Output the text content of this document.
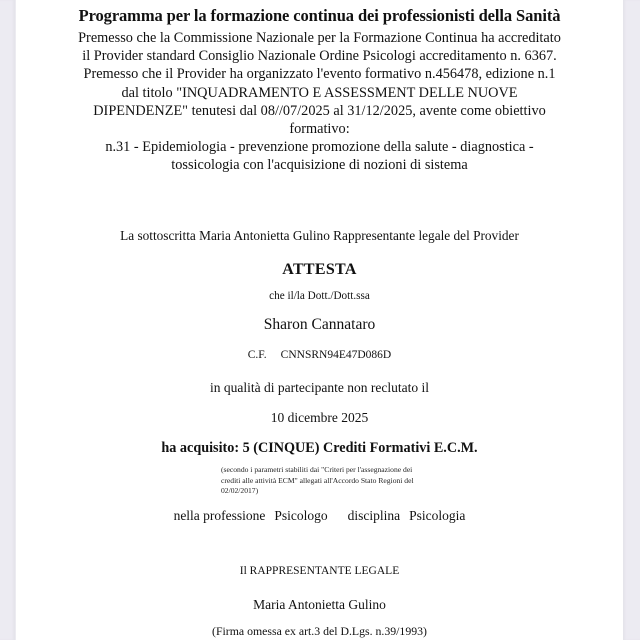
Programma per la formazione continua dei professionisti della Sanità
Premesso che la Commissione Nazionale per la Formazione Continua ha accreditato
il Provider standard Consiglio Nazionale Ordine Psicologi accreditamento n. 6367.
Premesso che il Provider ha organizzato l'evento formativo n.456478, edizione n.1
dal titolo "INQUADRAMENTO E ASSESSMENT DELLE NUOVE
DIPENDENZE" tenutesi dal 08//07/2025 al 31/12/2025, avente come obiettivo
formativo:
n.31 - Epidemiologia - prevenzione promozione della salute - diagnostica -
tossicologia con l'acquisizione di nozioni di sistema
La sottoscritta Maria Antonietta Gulino Rappresentante legale del Provider
ATTESTA
che il/la Dott./Dott.ssa
Sharon Cannataro
C.F. CNNSRN94E47D086D
in qualità di partecipante non reclutato il
10 dicembre 2025
ha acquisito: 5 (CINQUE) Crediti Formativi E.C.M.
(secondo i parametri stabiliti dai "Criteri per l'assegnazione dei
crediti alle attività ECM" allegati all'Accordo Stato Regioni del
02/02/2017)
nella professione Psicologo disciplina Psicologia
Il RAPPRESENTANTE LEGALE
Maria Antonietta Gulino
(Firma omessa ex art.3 del D.Lgs. n.39/1993)
